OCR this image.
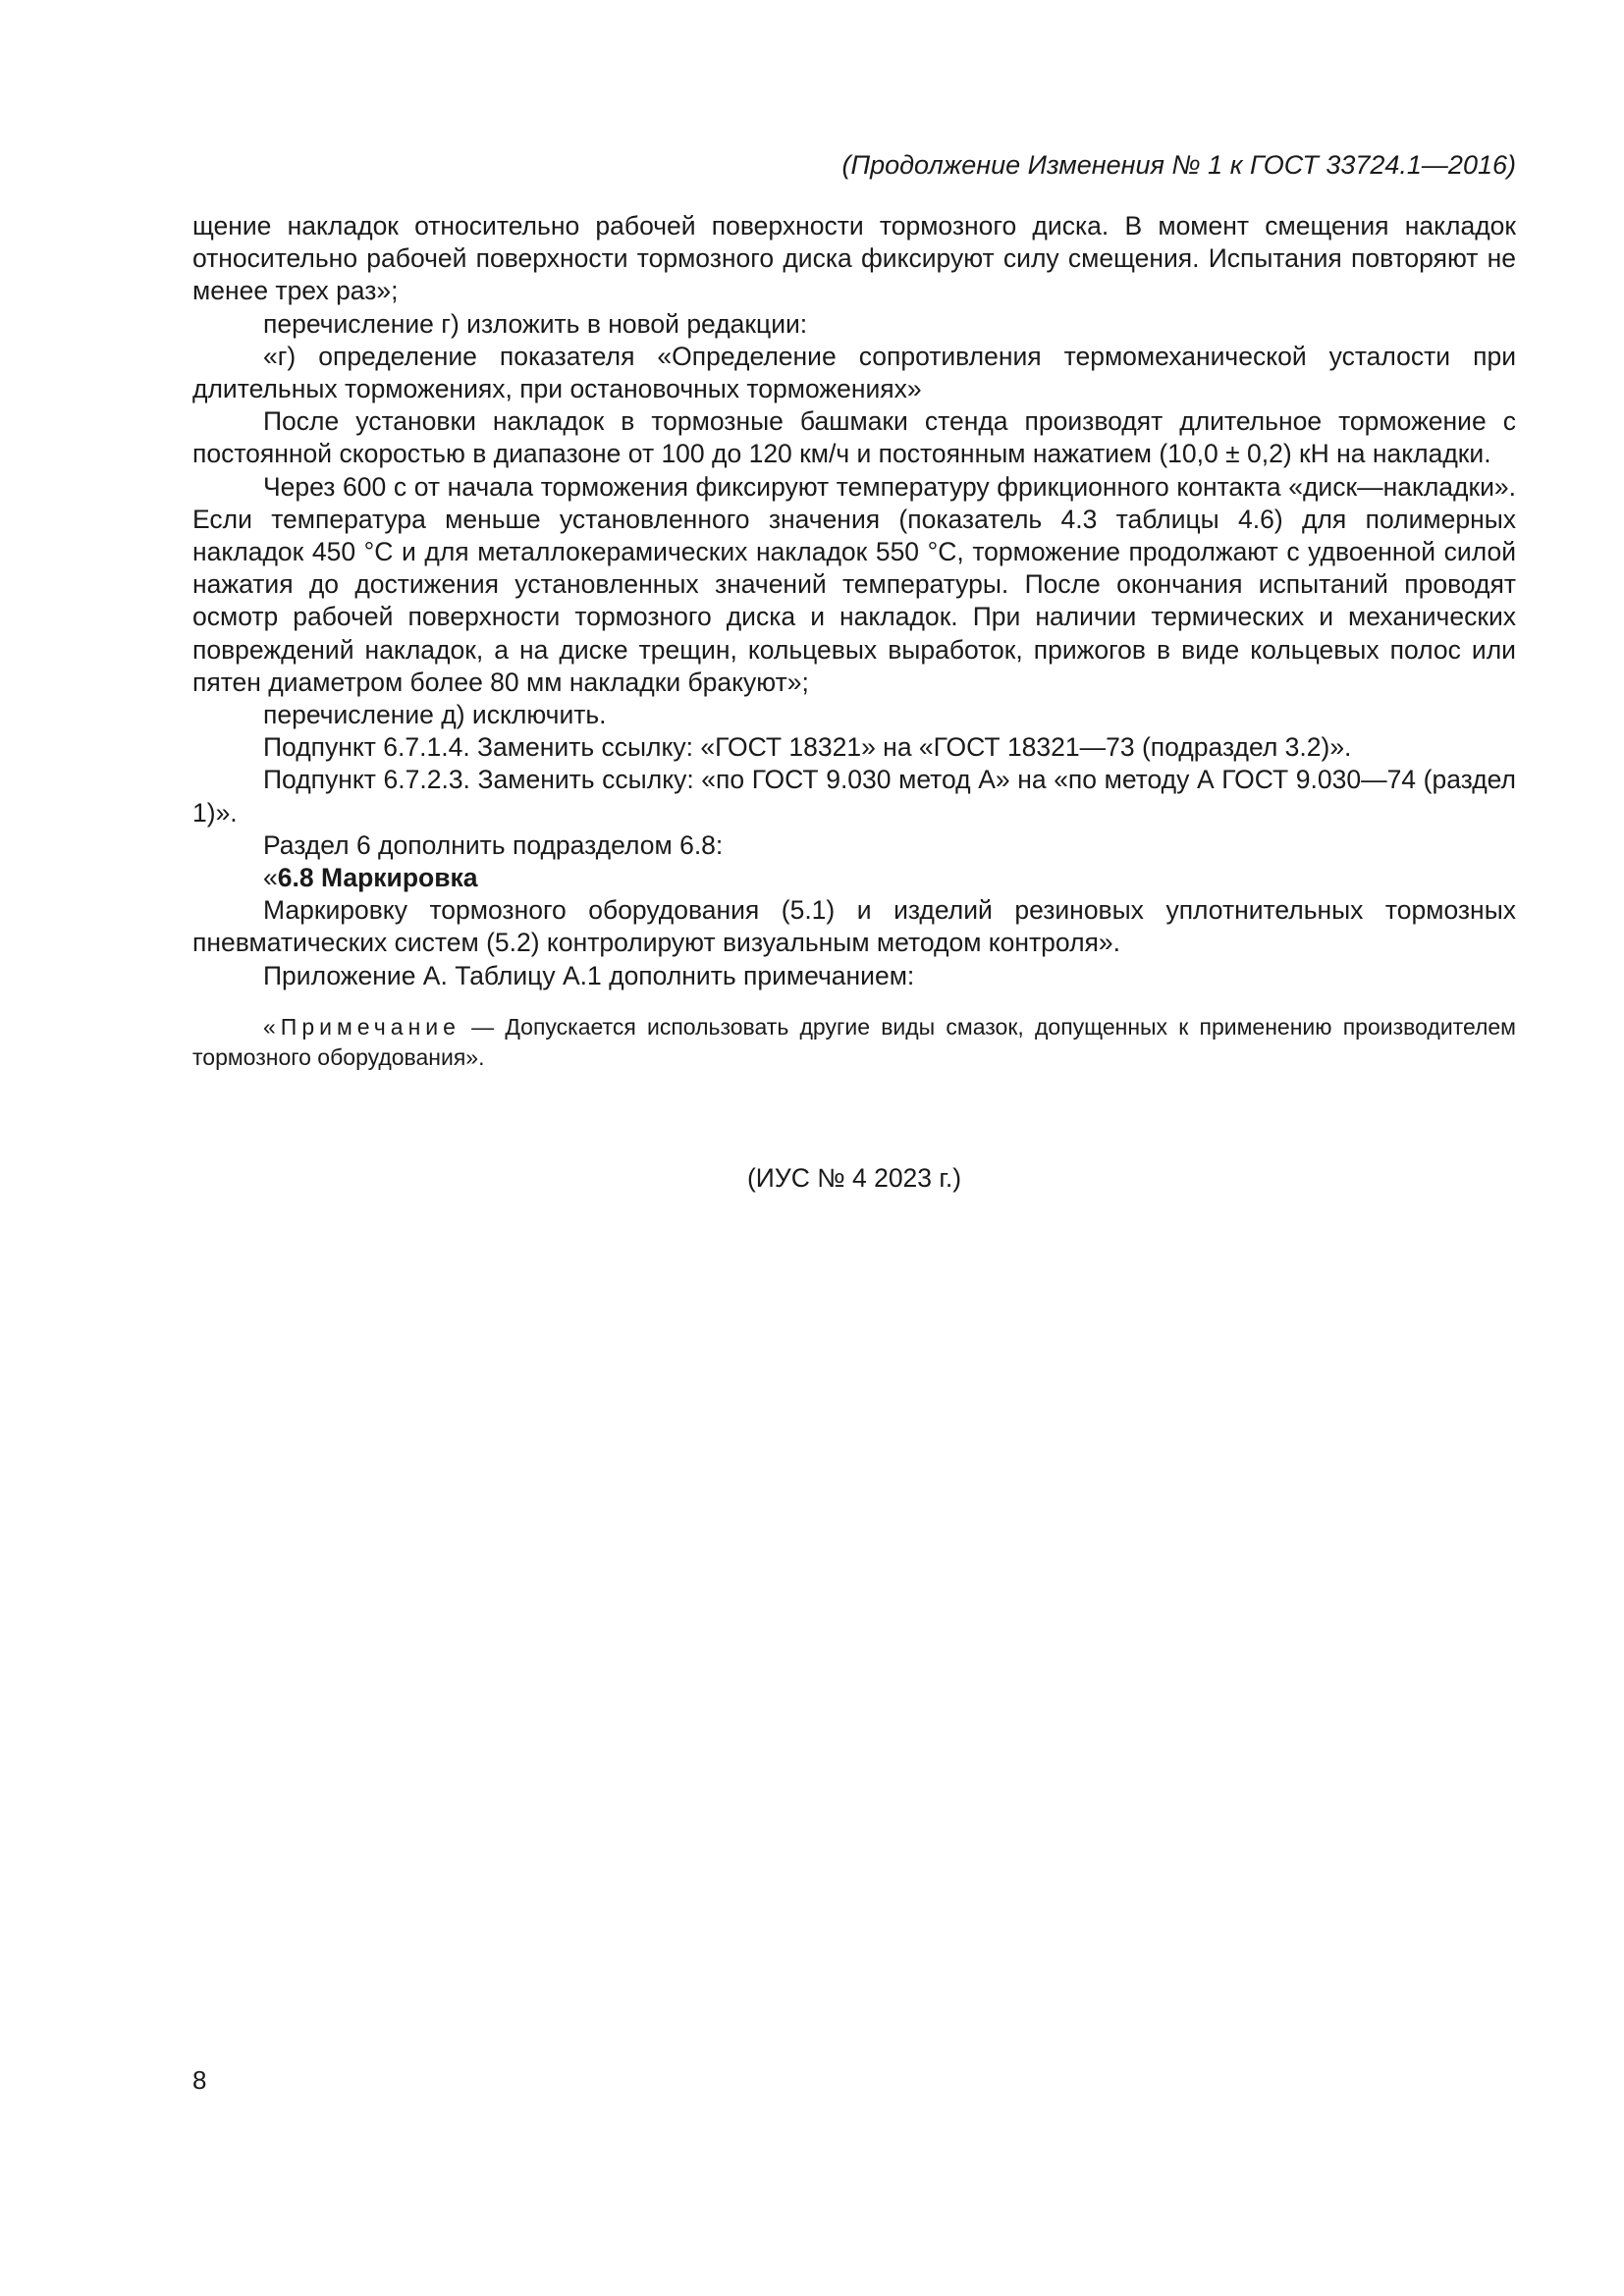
(Продолжение Изменения № 1 к ГОСТ 33724.1—2016)

щение накладок относительно рабочей поверхности тормозного диска. В момент смещения накладок относительно рабочей поверхности тормозного диска фиксируют силу смещения. Испытания повторяют не менее трех раз»;

перечисление г) изложить в новой редакции:

«г) определение показателя «Определение сопротивления термомеханической усталости при длительных торможениях, при остановочных торможениях»

После установки накладок в тормозные башмаки стенда производят длительное торможение с постоянной скоростью в диапазоне от 100 до 120 км/ч и постоянным нажатием (10,0 ± 0,2) кН на накладки.

Через 600 с от начала торможения фиксируют температуру фрикционного контакта «диск—накладки». Если температура меньше установленного значения (показатель 4.3 таблицы 4.6) для полимерных накладок 450 °С и для металлокерамических накладок 550 °С, торможение продолжают с удвоенной силой нажатия до достижения установленных значений температуры. После окончания испытаний проводят осмотр рабочей поверхности тормозного диска и накладок. При наличии термических и механических повреждений накладок, а на диске трещин, кольцевых выработок, прижогов в виде кольцевых полос или пятен диаметром более 80 мм накладки бракуют»;

перечисление д) исключить.

Подпункт 6.7.1.4. Заменить ссылку: «ГОСТ 18321» на «ГОСТ 18321—73 (подраздел 3.2)».

Подпункт 6.7.2.3. Заменить ссылку: «по ГОСТ 9.030 метод А» на «по методу А ГОСТ 9.030—74 (раздел 1)».

Раздел 6 дополнить подразделом 6.8:

«6.8 Маркировка

Маркировку тормозного оборудования (5.1) и изделий резиновых уплотнительных тормозных пневматических систем (5.2) контролируют визуальным методом контроля».

Приложение А. Таблицу А.1 дополнить примечанием:

«Примечание — Допускается использовать другие виды смазок, допущенных к применению производителем тормозного оборудования».

(ИУС № 4 2023 г.)
8
